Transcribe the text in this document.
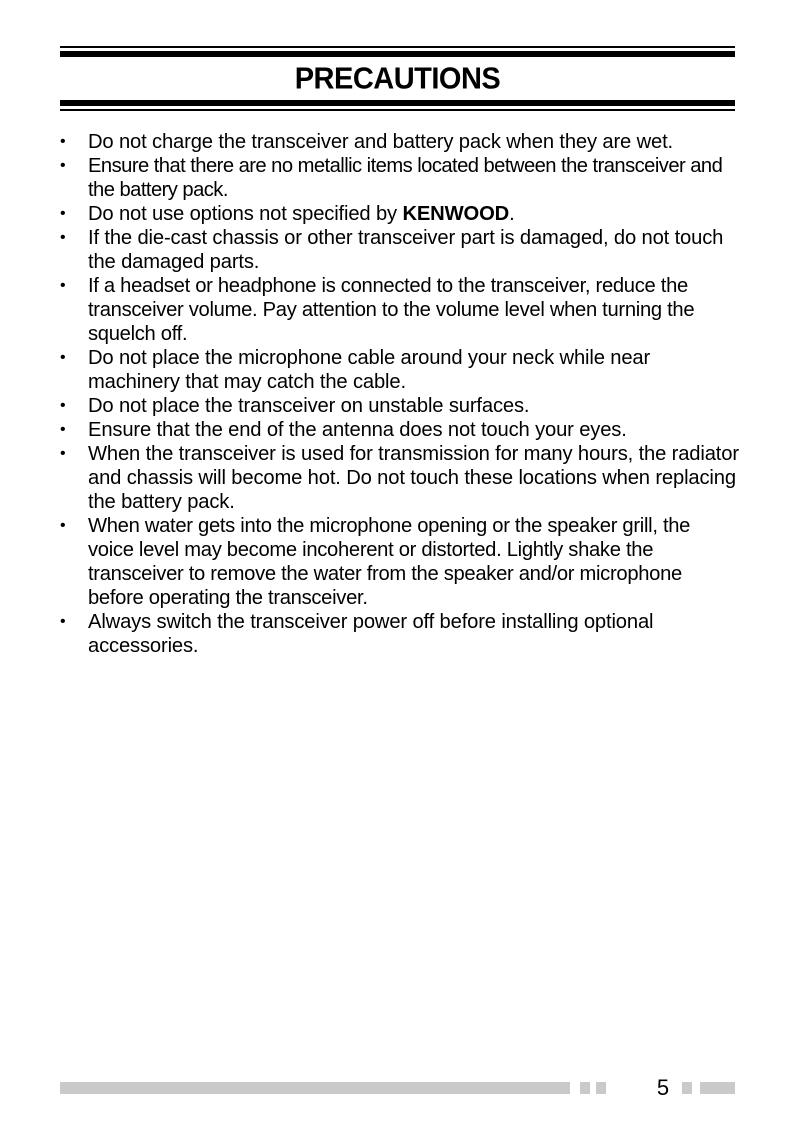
PRECAUTIONS
• Do not charge the transceiver and battery pack when they are wet.
• Ensure that there are no metallic items located between the transceiver and the battery pack.
• Do not use options not specified by KENWOOD.
• If the die-cast chassis or other transceiver part is damaged, do not touch the damaged parts.
• If a headset or headphone is connected to the transceiver, reduce the transceiver volume. Pay attention to the volume level when turning the squelch off.
• Do not place the microphone cable around your neck while near machinery that may catch the cable.
• Do not place the transceiver on unstable surfaces.
• Ensure that the end of the antenna does not touch your eyes.
• When the transceiver is used for transmission for many hours, the radiator and chassis will become hot. Do not touch these locations when replacing the battery pack.
• When water gets into the microphone opening or the speaker grill, the voice level may become incoherent or distorted. Lightly shake the transceiver to remove the water from the speaker and/or microphone before operating the transceiver.
• Always switch the transceiver power off before installing optional accessories.
5
